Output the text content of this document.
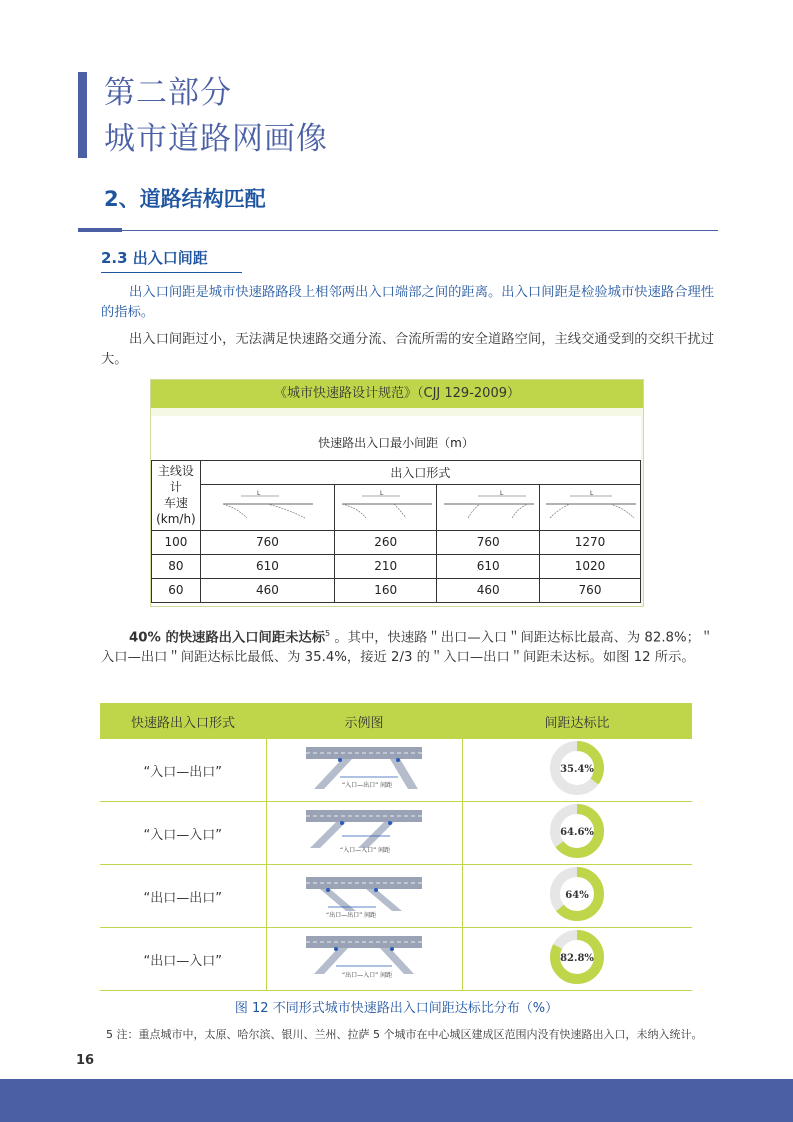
第二部分
城市道路网画像
2、道路结构匹配
2.3 出入口间距
出入口间距是城市快速路路段上相邻两出入口端部之间的距离。出入口间距是检验城市快速路合理性的指标。
出入口间距过小，无法满足快速路交通分流、合流所需的安全道路空间，主线交通受到的交织干扰过大。
《城市快速路设计规范》（CJJ 129-2009）
快速路出入口最小间距（m）				

主线设计
车速
(km/h)	出入口形式			

L	L	L	L

100	760	260	760	1270
80	610	210	610	1020
60	460	160	460	760
40% 的快速路出入口间距未达标$^5$ 。其中，快速路＂出口—入口＂间距达标比最高、为 82.8%；＂入口—出口＂间距达标比最低、为 35.4%，接近 2/3 的＂入口—出口＂间距未达标。如图 12 所示。
快速路出入口形式	示例图	间距达标比
“入口—出口”	“入口—出口” 间距	35.4%

“入口—入口”	“入口—入口” 间距	64.6%

“出口—出口”	“出口—出口” 间距	64%

“出口—入口”	“出口—入口” 间距	82.8%
图 12 不同形式城市快速路出入口间距达标比分布（%）
5 注：重点城市中，太原、哈尔滨、银川、兰州、拉萨 5 个城市在中心城区建成区范围内没有快速路出入口，未纳入统计。
16
